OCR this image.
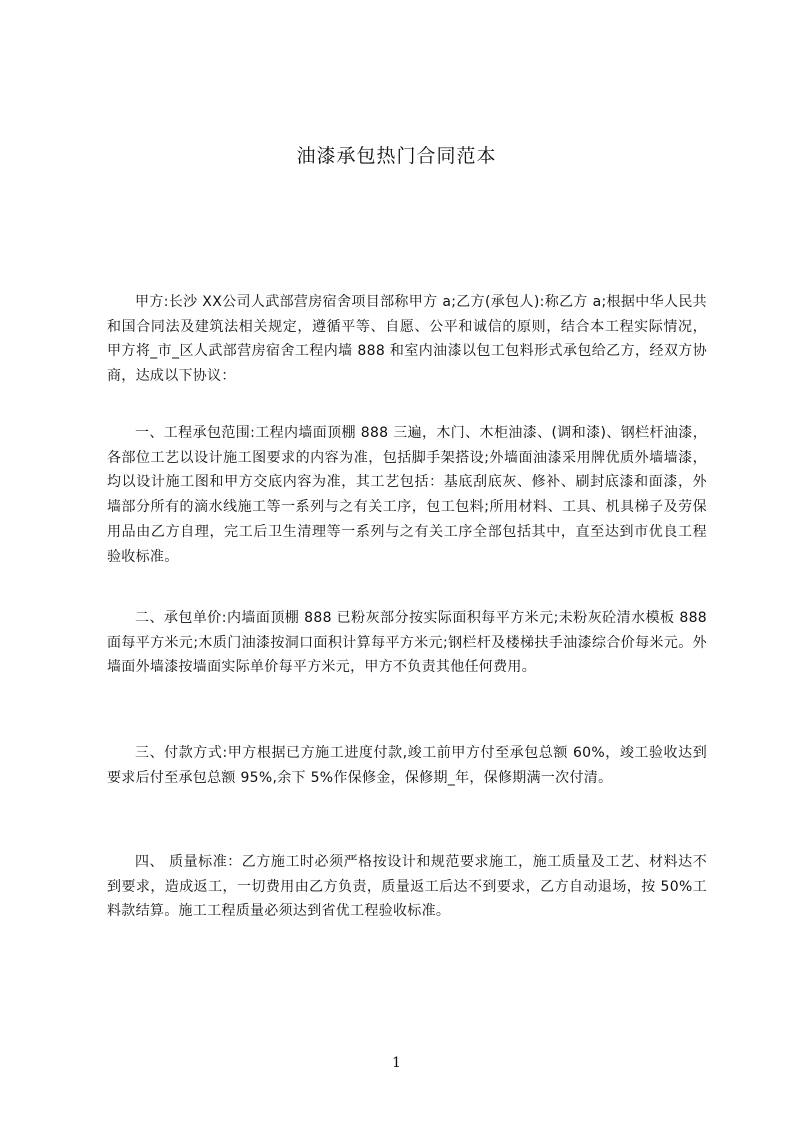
油漆承包热门合同范本

甲方:长沙 XX公司人武部营房宿舍项目部称甲方 a;乙方(承包人):称乙方 a;根据中华人民共和国合同法及建筑法相关规定，遵循平等、自愿、公平和诚信的原则，结合本工程实际情况，甲方将_市_区人武部营房宿舍工程内墙 888 和室内油漆以包工包料形式承包给乙方，经双方协商，达成以下协议：

一、工程承包范围:工程内墙面顶棚 888 三遍，木门、木柜油漆、(调和漆)、钢栏杆油漆，各部位工艺以设计施工图要求的内容为准，包括脚手架搭设;外墙面油漆采用牌优质外墙墙漆，均以设计施工图和甲方交底内容为准，其工艺包括：基底刮底灰、修补、刷封底漆和面漆，外墙部分所有的滴水线施工等一系列与之有关工序，包工包料;所用材料、工具、机具梯子及劳保用品由乙方自理，完工后卫生清理等一系列与之有关工序全部包括其中，直至达到市优良工程验收标准。

二、承包单价:内墙面顶棚 888 已粉灰部分按实际面积每平方米元;未粉灰砼清水模板 888 面每平方米元;木质门油漆按洞口面积计算每平方米元;钢栏杆及楼梯扶手油漆综合价每米元。外墙面外墙漆按墙面实际单价每平方米元，甲方不负责其他任何费用。

三、付款方式:甲方根据已方施工进度付款,竣工前甲方付至承包总额 60%，竣工验收达到要求后付至承包总额 95%,余下 5%作保修金，保修期_年，保修期满一次付清。

四、 质量标准：乙方施工时必须严格按设计和规范要求施工，施工质量及工艺、材料达不到要求，造成返工，一切费用由乙方负责，质量返工后达不到要求，乙方自动退场，按 50%工料款结算。施工工程质量必须达到省优工程验收标准。

1
